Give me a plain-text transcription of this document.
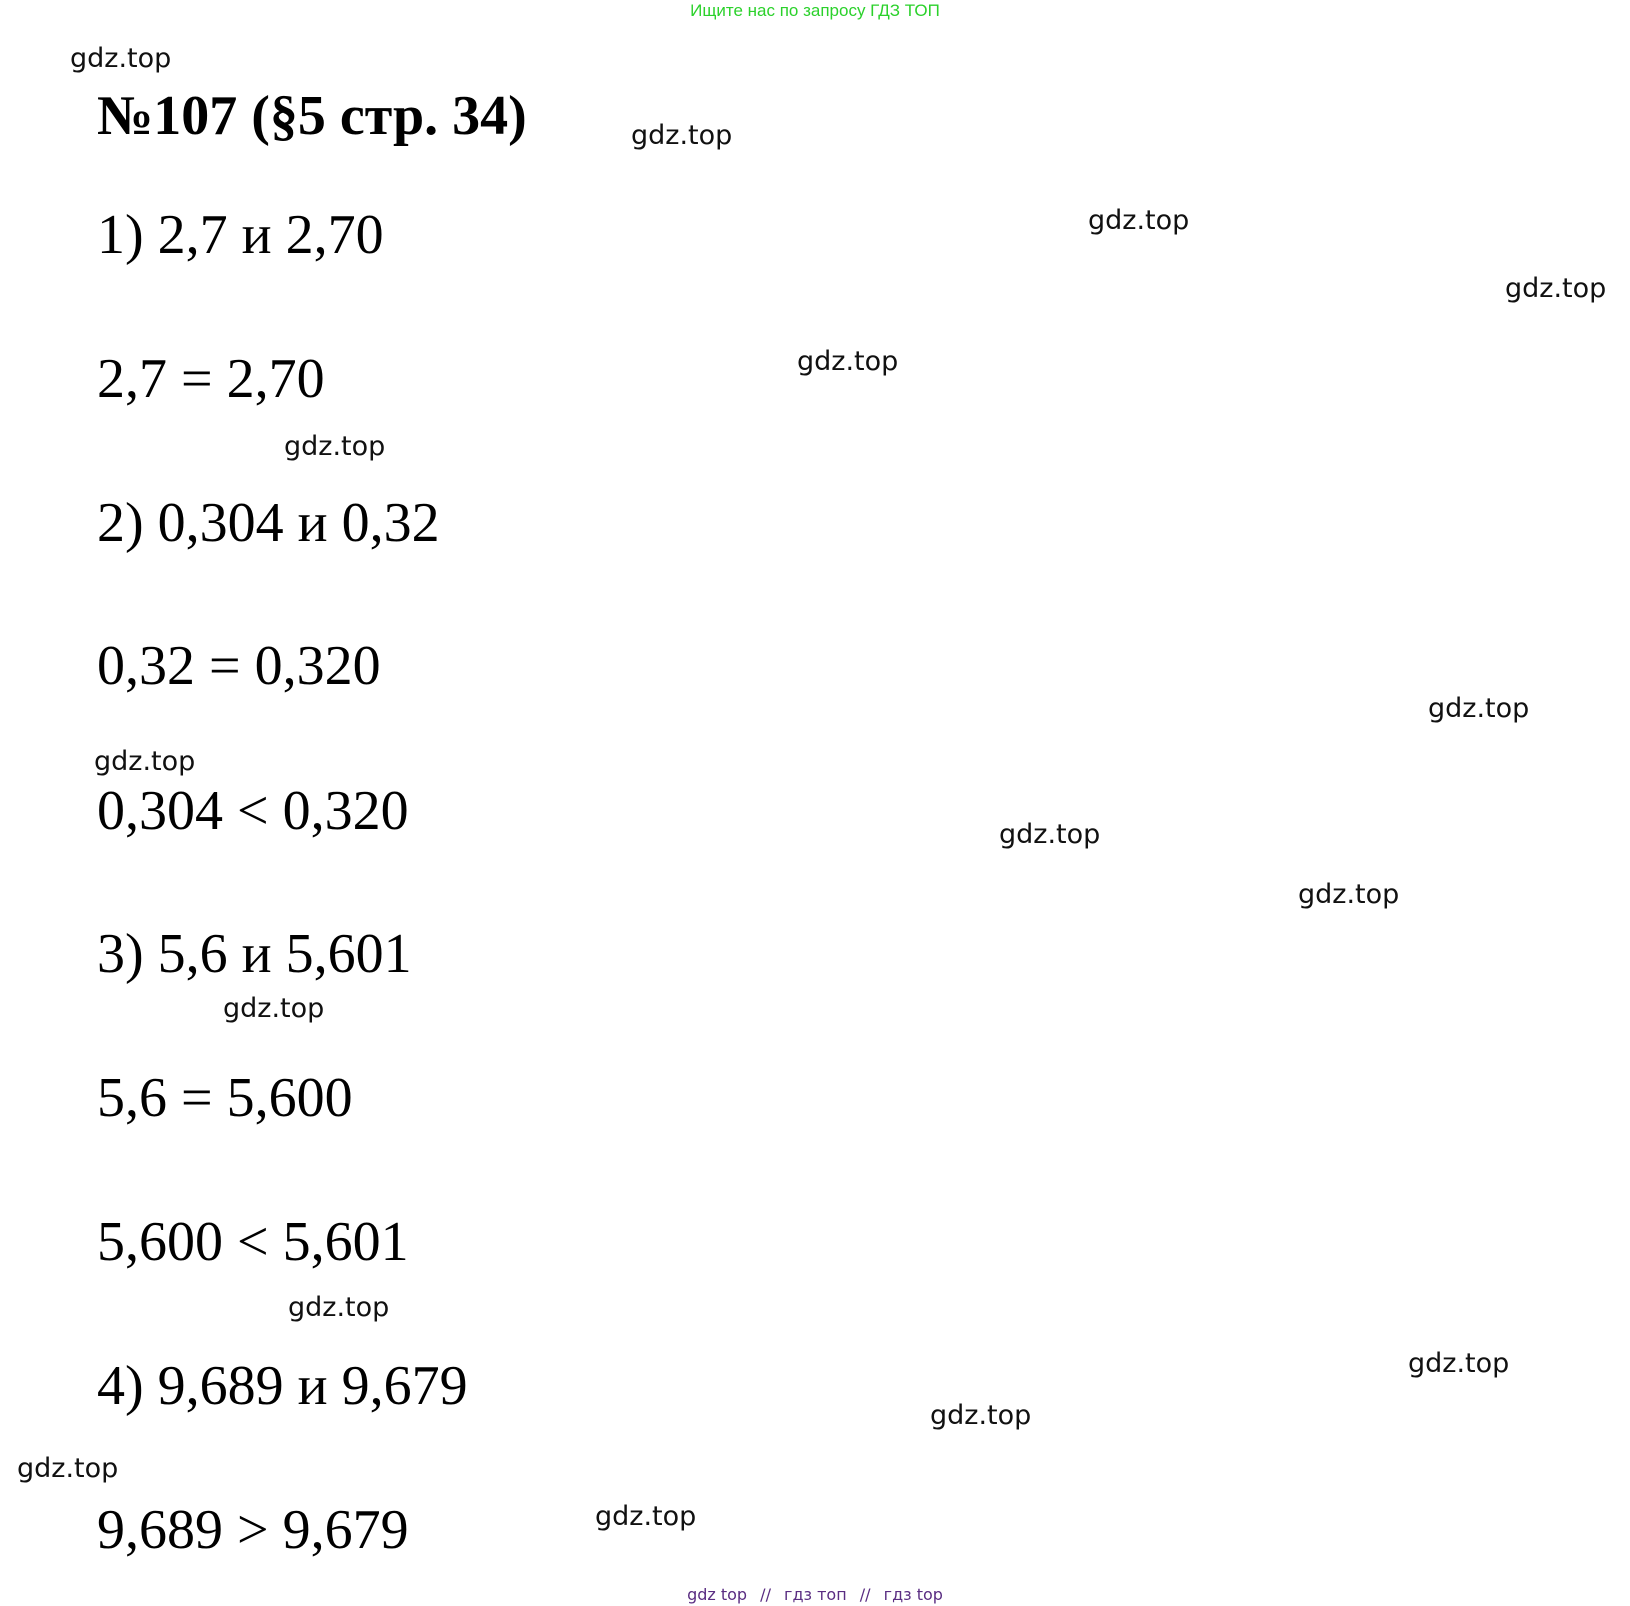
Ищите нас по запросу ГДЗ ТОП
№107 (§5 стр. 34)
1) 2,7 и 2,70
2,7 = 2,70
2) 0,304 и 0,32
0,32 = 0,320
0,304 < 0,320
3) 5,6 и 5,601
5,6 = 5,600
5,600 < 5,601
4) 9,689 и 9,679
9,689 > 9,679
gdz.top
gdz.top
gdz.top
gdz.top
gdz.top
gdz.top
gdz.top
gdz.top
gdz.top
gdz.top
gdz.top
gdz.top
gdz.top
gdz.top
gdz.top
gdz.top
gdz top // гдз топ // гдз top
